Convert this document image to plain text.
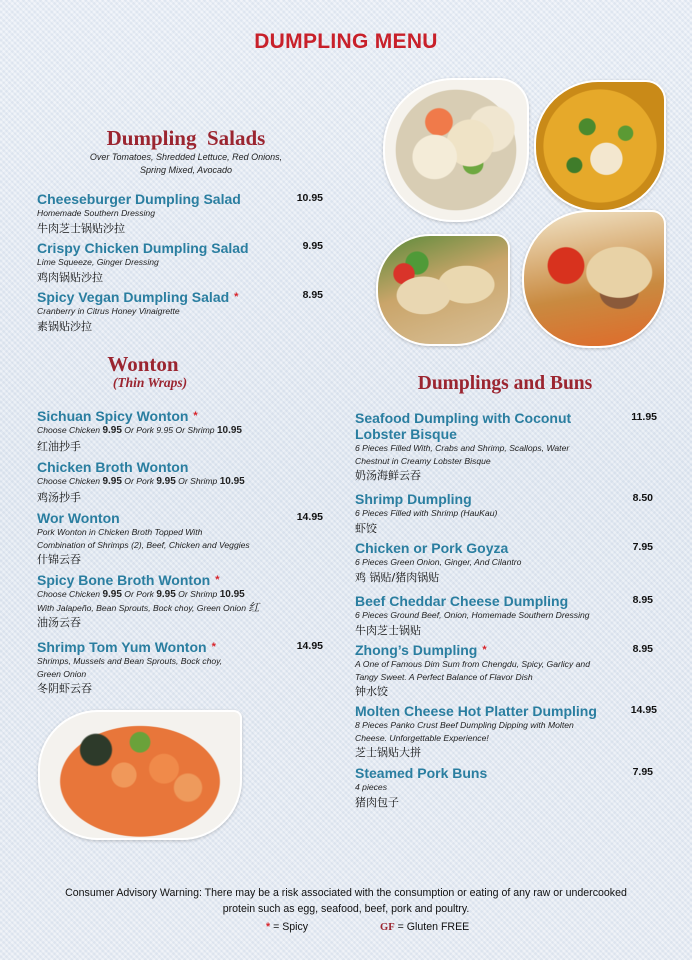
DUMPLING MENU
Dumpling  Salads
Over Tomatoes, Shredded Lettuce, Red Onions,
Spring Mixed, Avocado
Cheeseburger Dumpling Salad
Homemade Southern Dressing
牛肉芝士锅贴沙拉
10.95
Crispy Chicken Dumpling Salad
Lime Squeeze, Ginger Dressing
鸡肉锅贴沙拉
9.95
Spicy Vegan Dumpling Salad *
Cranberry in Citrus Honey Vinaigrette
素锅贴沙拉
8.95
Wonton
(Thin Wraps)
Sichuan Spicy Wonton *
Choose Chicken 9.95 Or Pork 9.95 Or Shrimp 10.95
红油抄手
Chicken Broth Wonton
Choose Chicken 9.95 Or Pork 9.95 Or Shrimp 10.95
鸡汤抄手
Wor Wonton
Pork Wonton in Chicken Broth Topped With
Combination of Shrimps (2), Beef, Chicken and Veggies
什锦云吞
14.95
Spicy Bone Broth Wonton *
Choose Chicken 9.95 Or Pork 9.95 Or Shrimp 10.95
With Jalapeño, Bean Sprouts, Bock choy, Green Onion 红
油汤云吞
Shrimp Tom Yum Wonton *
Shrimps, Mussels and Bean Sprouts, Bock choy,
Green Onion
冬阴虾云吞
14.95
Dumplings and Buns
Seafood Dumpling with Coconut
Lobster Bisque
6 Pieces Filled With, Crabs and Shrimp, Scallops, Water
Chestnut in Creamy Lobster Bisque
奶汤海鲜云吞
11.95
Shrimp Dumpling
6 Pieces Filled with Shrimp (HauKau)
虾饺
8.50
Chicken or Pork Goyza
6 Pieces Green Onion, Ginger, And Cilantro
鸡 锅贴/猪肉锅贴
7.95
Beef Cheddar Cheese Dumpling
6 Pieces Ground Beef, Onion, Homemade Southern Dressing
牛肉芝士锅贴
8.95
Zhong’s Dumpling *
A One of Famous Dim Sum from Chengdu, Spicy, Garlicy and
Tangy Sweet. A Perfect Balance of Flavor Dish
钟水饺
8.95
Molten Cheese Hot Platter Dumpling
8 Pieces Panko Crust Beef Dumpling Dipping with Molten
Cheese. Unforgettable Experience!
芝士锅贴大拼
14.95
Steamed Pork Buns
4 pieces
猪肉包子
7.95
Consumer Advisory Warning: There may be a risk associated with the consumption or eating of any raw or undercooked
protein such as egg, seafood, beef, pork and poultry.
* = Spicy	GF = Gluten FREE
